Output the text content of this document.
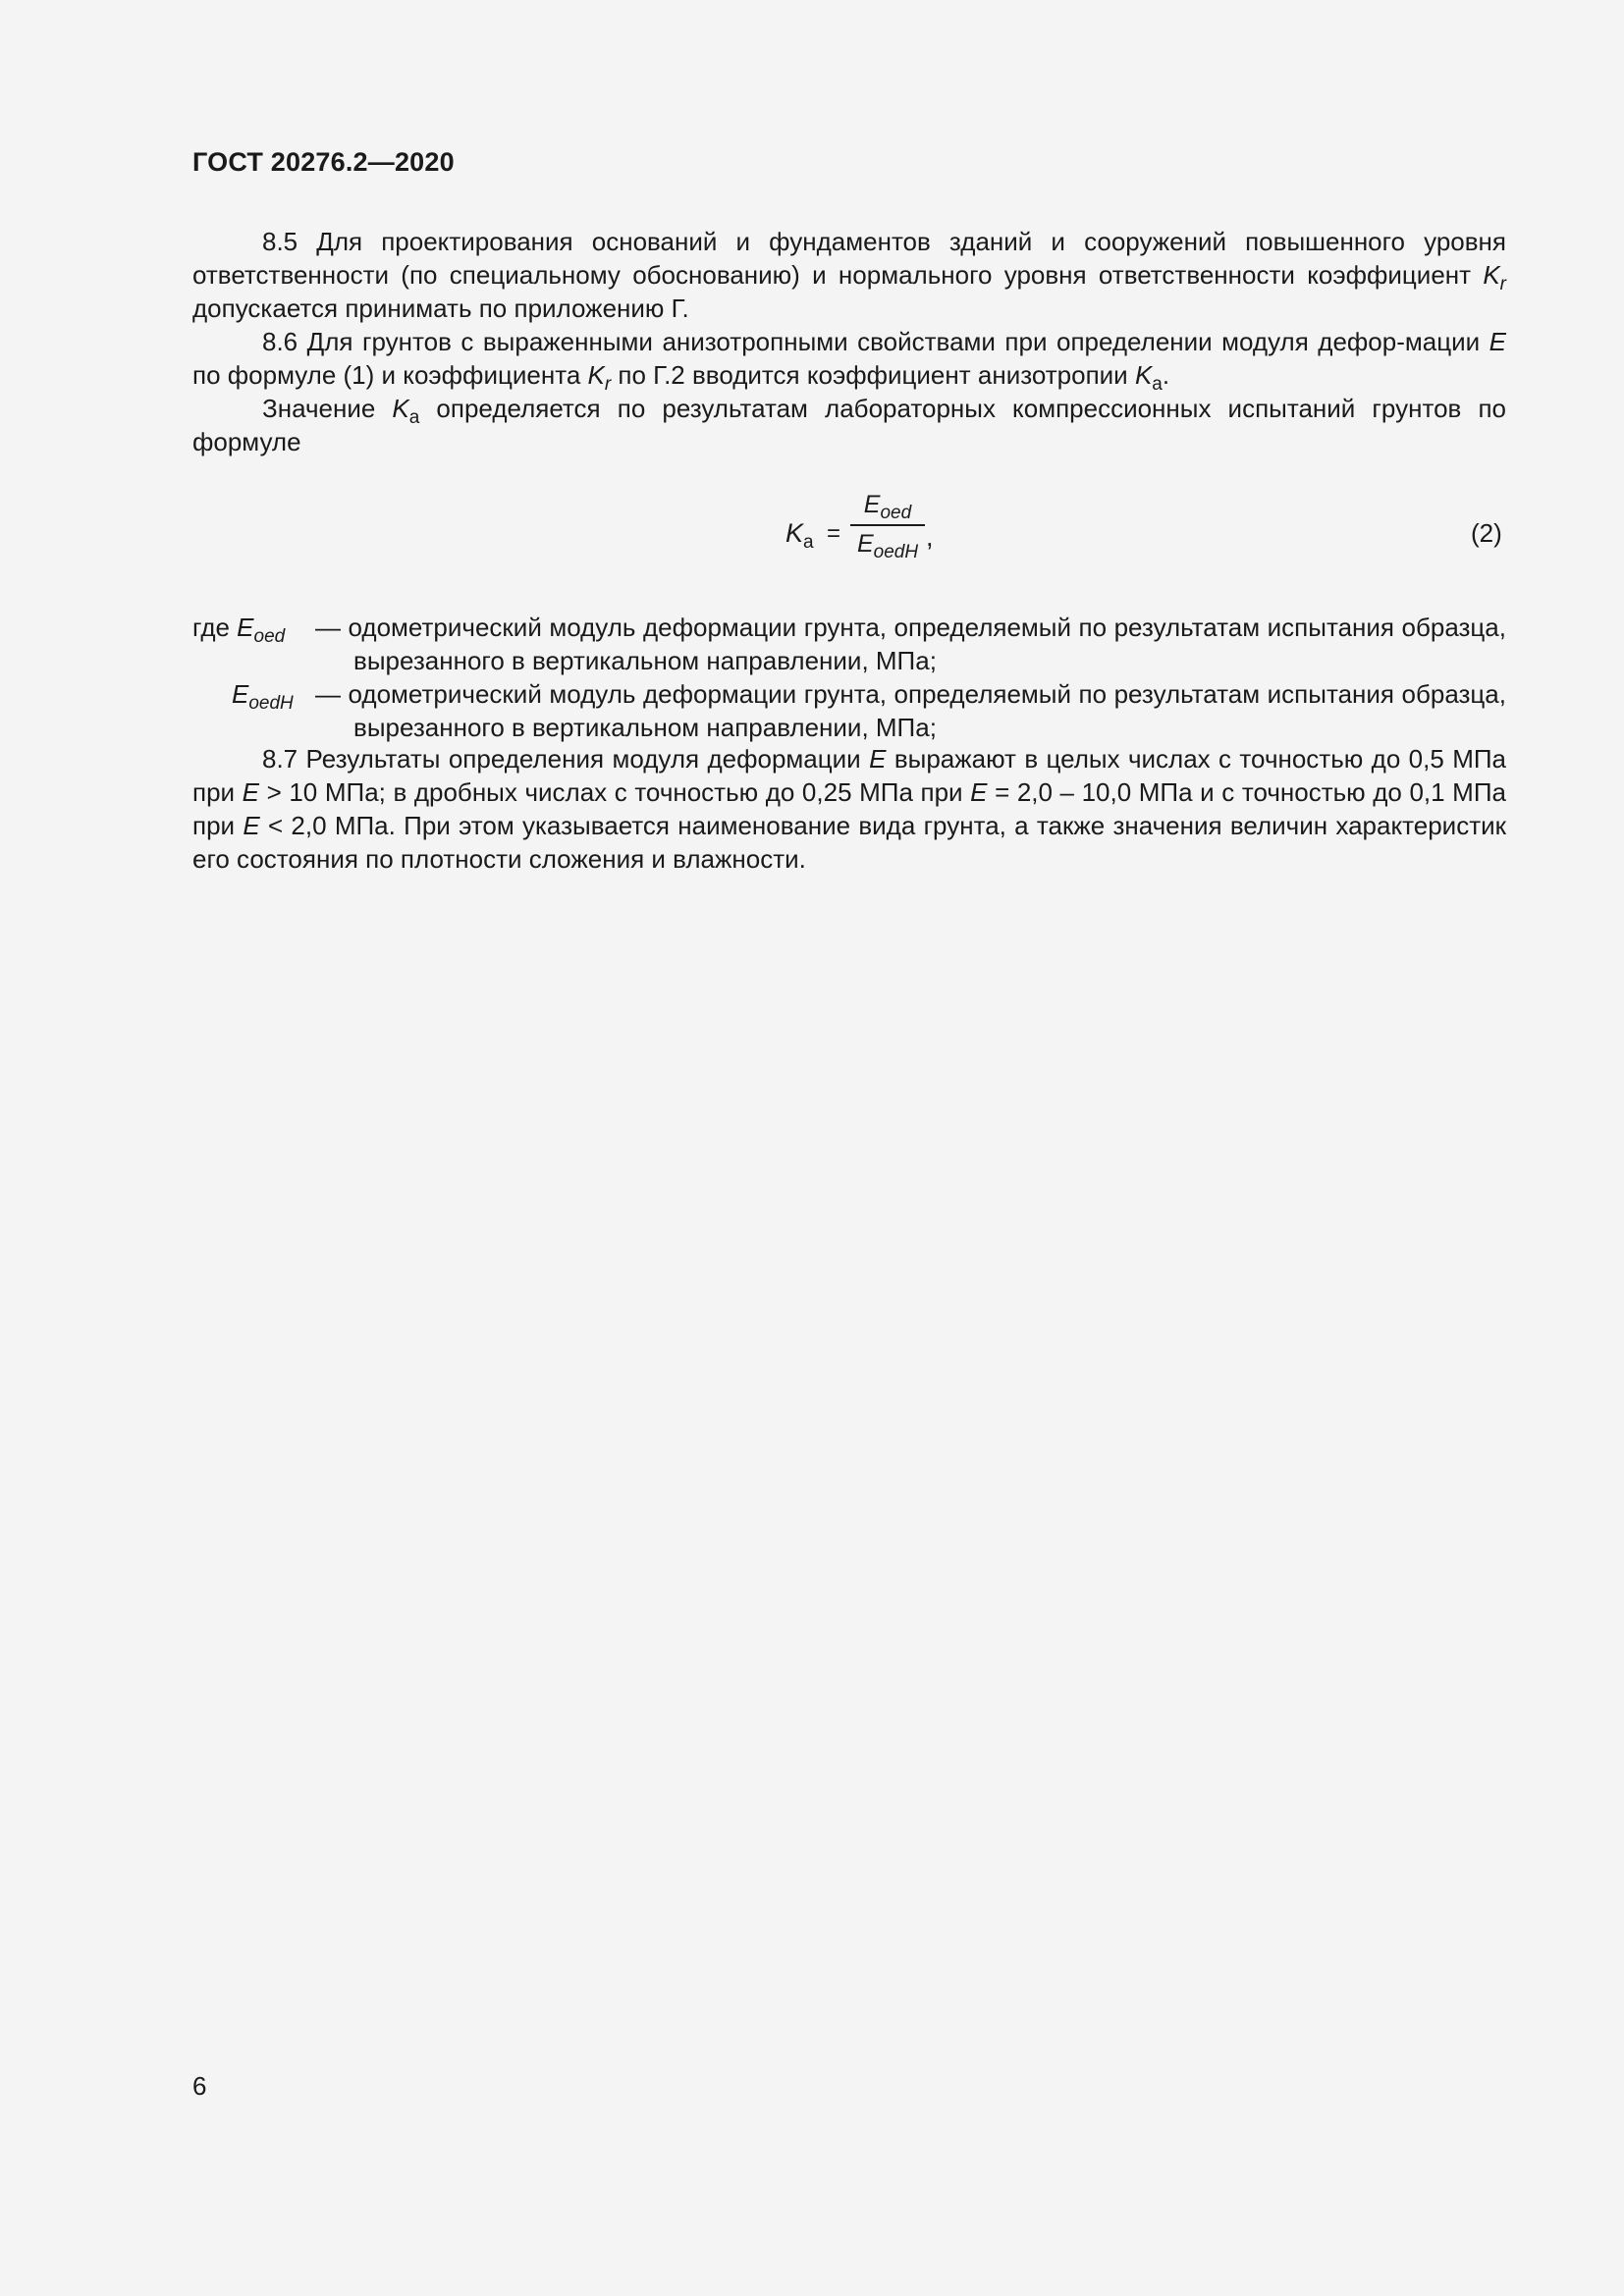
ГОСТ 20276.2—2020

8.5 Для проектирования оснований и фундаментов зданий и сооружений повышенного уровня ответственности (по специальному обоснованию) и нормального уровня ответственности коэффициент $K_r$ допускается принимать по приложению Г.

8.6 Для грунтов с выраженными анизотропными свойствами при определении модуля дефор-мации E по формуле (1) и коэффициента $K_r$ по Г.2 вводится коэффициент анизотропии $K_a$.

Значение $K_a$ определяется по результатам лабораторных компрессионных испытаний грунтов по формуле

$K_a$ =
$E_{oed}$
$E_{oedH}$
,	(2)
где $E_{oed}$ — одометрический модуль деформации грунта, определяемый по результатам испытания образца, вырезанного в вертикальном направлении, МПа;
$E_{oedH}$ — одометрический модуль деформации грунта, определяемый по результатам испытания образца, вырезанного в вертикальном направлении, МПа;

8.7 Результаты определения модуля деформации E выражают в целых числах с точностью до 0,5 МПа при E > 10 МПа; в дробных числах с точностью до 0,25 МПа при E = 2,0 – 10,0 МПа и с точностью до 0,1 МПа при E < 2,0 МПа. При этом указывается наименование вида грунта, а также значения величин характеристик его состояния по плотности сложения и влажности.

6
